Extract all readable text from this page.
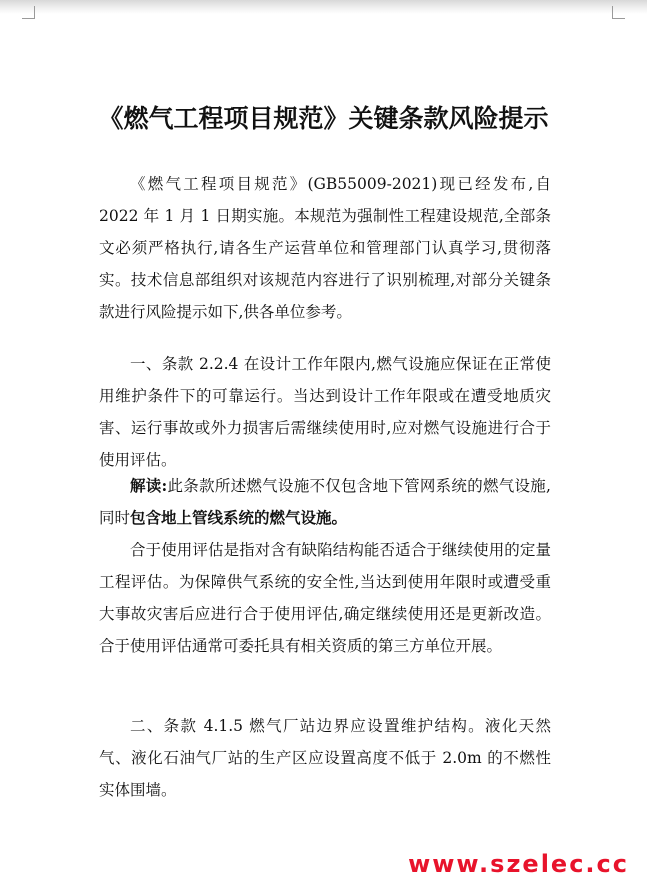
《燃气工程项目规范》关键条款风险提示

《燃气工程项目规范》(GB55009-2021)现已经发布,自 2022 年 1 月 1 日期实施。本规范为强制性工程建设规范,全部条文必须严格执行,请各生产运营单位和管理部门认真学习,贯彻落实。技术信息部组织对该规范内容进行了识别梳理,对部分关键条款进行风险提示如下,供各单位参考。

一、条款 2.2.4 在设计工作年限内,燃气设施应保证在正常使用维护条件下的可靠运行。当达到设计工作年限或在遭受地质灾害、运行事故或外力损害后需继续使用时,应对燃气设施进行合于使用评估。

解读:此条款所述燃气设施不仅包含地下管网系统的燃气设施,同时包含地上管线系统的燃气设施。

合于使用评估是指对含有缺陷结构能否适合于继续使用的定量工程评估。为保障供气系统的安全性,当达到使用年限时或遭受重大事故灾害后应进行合于使用评估,确定继续使用还是更新改造。合于使用评估通常可委托具有相关资质的第三方单位开展。

二、条款 4.1.5 燃气厂站边界应设置维护结构。液化天然气、液化石油气厂站的生产区应设置高度不低于 2.0m 的不燃性实体围墙。

www.szelec.cc
